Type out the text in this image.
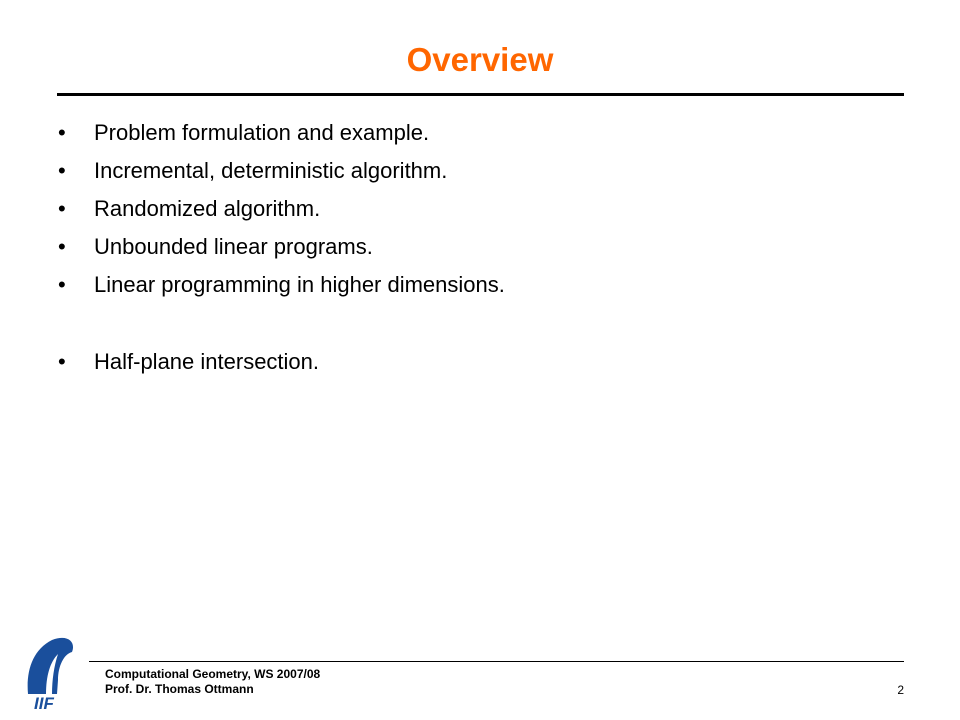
Overview
•	Problem formulation and example.
•	Incremental, deterministic algorithm.
•	Randomized algorithm.
•	Unbounded linear programs.
•	Linear programming in higher dimensions.
•	Half-plane intersection.
IIF
Computational Geometry, WS 2007/08
Prof. Dr. Thomas Ottmann	2
